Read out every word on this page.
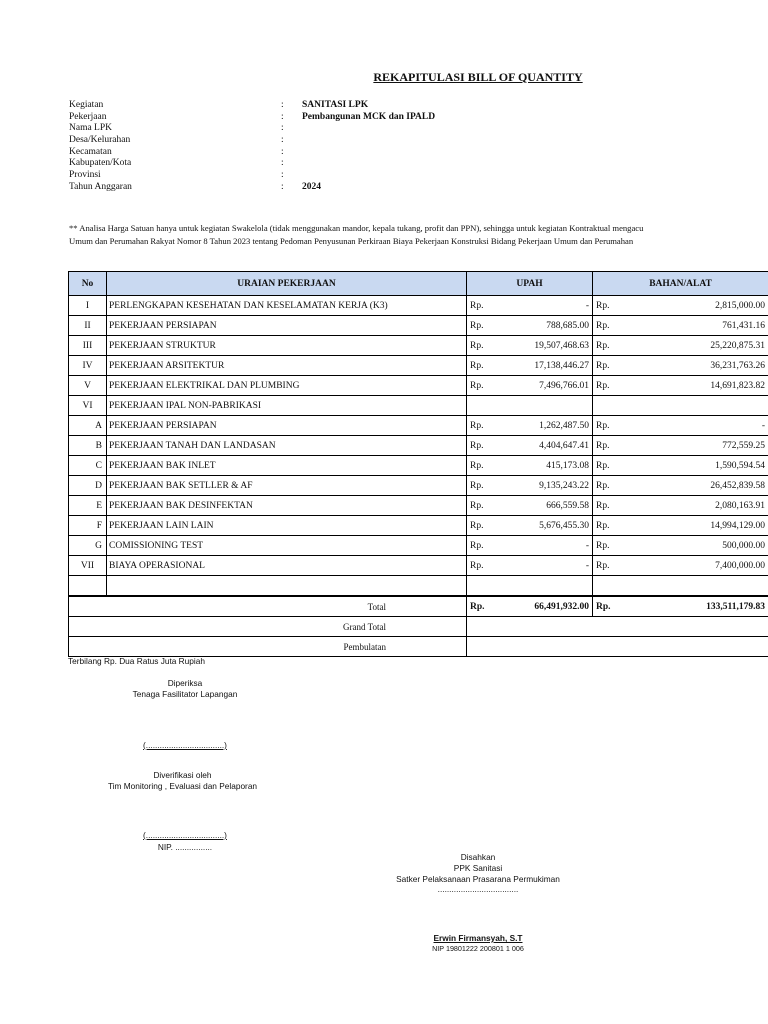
REKAPITULASI BILL OF QUANTITY
Kegiatan	: SANITASI LPK
Pekerjaan	: Pembangunan MCK dan IPALD
Nama LPK	:
Desa/Kelurahan	:
Kecamatan	:
Kabupaten/Kota	:
Provinsi	:
Tahun Anggaran	: 2024
** Analisa Harga Satuan hanya untuk kegiatan Swakelola (tidak menggunakan mandor, kepala tukang, profit dan PPN), sehingga untuk kegiatan Kontraktual mengacu
Umum dan Perumahan Rakyat Nomor 8 Tahun 2023 tentang Pedoman Penyusunan Perkiraan Biaya Pekerjaan Konstruksi Bidang Pekerjaan Umum dan Perumahan
No	URAIAN PEKERJAAN	UPAH		BAHAN/ALAT	
I	PERLENGKAPAN KESEHATAN DAN KESELAMATAN KERJA (K3)	Rp.	-	Rp.	2,815,000.00
II	PEKERJAAN PERSIAPAN	Rp.	788,685.00	Rp.	761,431.16
III	PEKERJAAN STRUKTUR	Rp.	19,507,468.63	Rp.	25,220,875.31
IV	PEKERJAAN ARSITEKTUR	Rp.	17,138,446.27	Rp.	36,231,763.26
V	PEKERJAAN ELEKTRIKAL DAN PLUMBING	Rp.	7,496,766.01	Rp.	14,691,823.82
VI	PEKERJAAN IPAL NON-PABRIKASI				
A	PEKERJAAN PERSIAPAN	Rp.	1,262,487.50	Rp.	-
B	PEKERJAAN TANAH DAN LANDASAN	Rp.	4,404,647.41	Rp.	772,559.25
C	PEKERJAAN BAK INLET	Rp.	415,173.08	Rp.	1,590,594.54
D	PEKERJAAN BAK SETLLER & AF	Rp.	9,135,243.22	Rp.	26,452,839.58
E	PEKERJAAN BAK DESINFEKTAN	Rp.	666,559.58	Rp.	2,080,163.91
F	PEKERJAAN LAIN LAIN	Rp.	5,676,455.30	Rp.	14,994,129.00
G	COMISSIONING TEST	Rp.	-	Rp.	500,000.00
VII	BIAYA OPERASIONAL	Rp.	-	Rp.	7,400,000.00

Total		Rp.	66,491,932.00	Rp.	133,511,179.83
Grand Total					
Pembulatan					
Terbilang Rp. Dua Ratus Juta Rupiah
Diperiksa
Tenaga Fasilitator Lapangan
(..................................)
Diverifikasi oleh
Tim Monitoring , Evaluasi dan Pelaporan
(..................................)
NIP. ................
Disahkan
PPK Sanitasi
Satker Pelaksanaan Prasarana Permukiman
...................................
Erwin Firmansyah, S.T
NIP 19801222 200801 1 006
